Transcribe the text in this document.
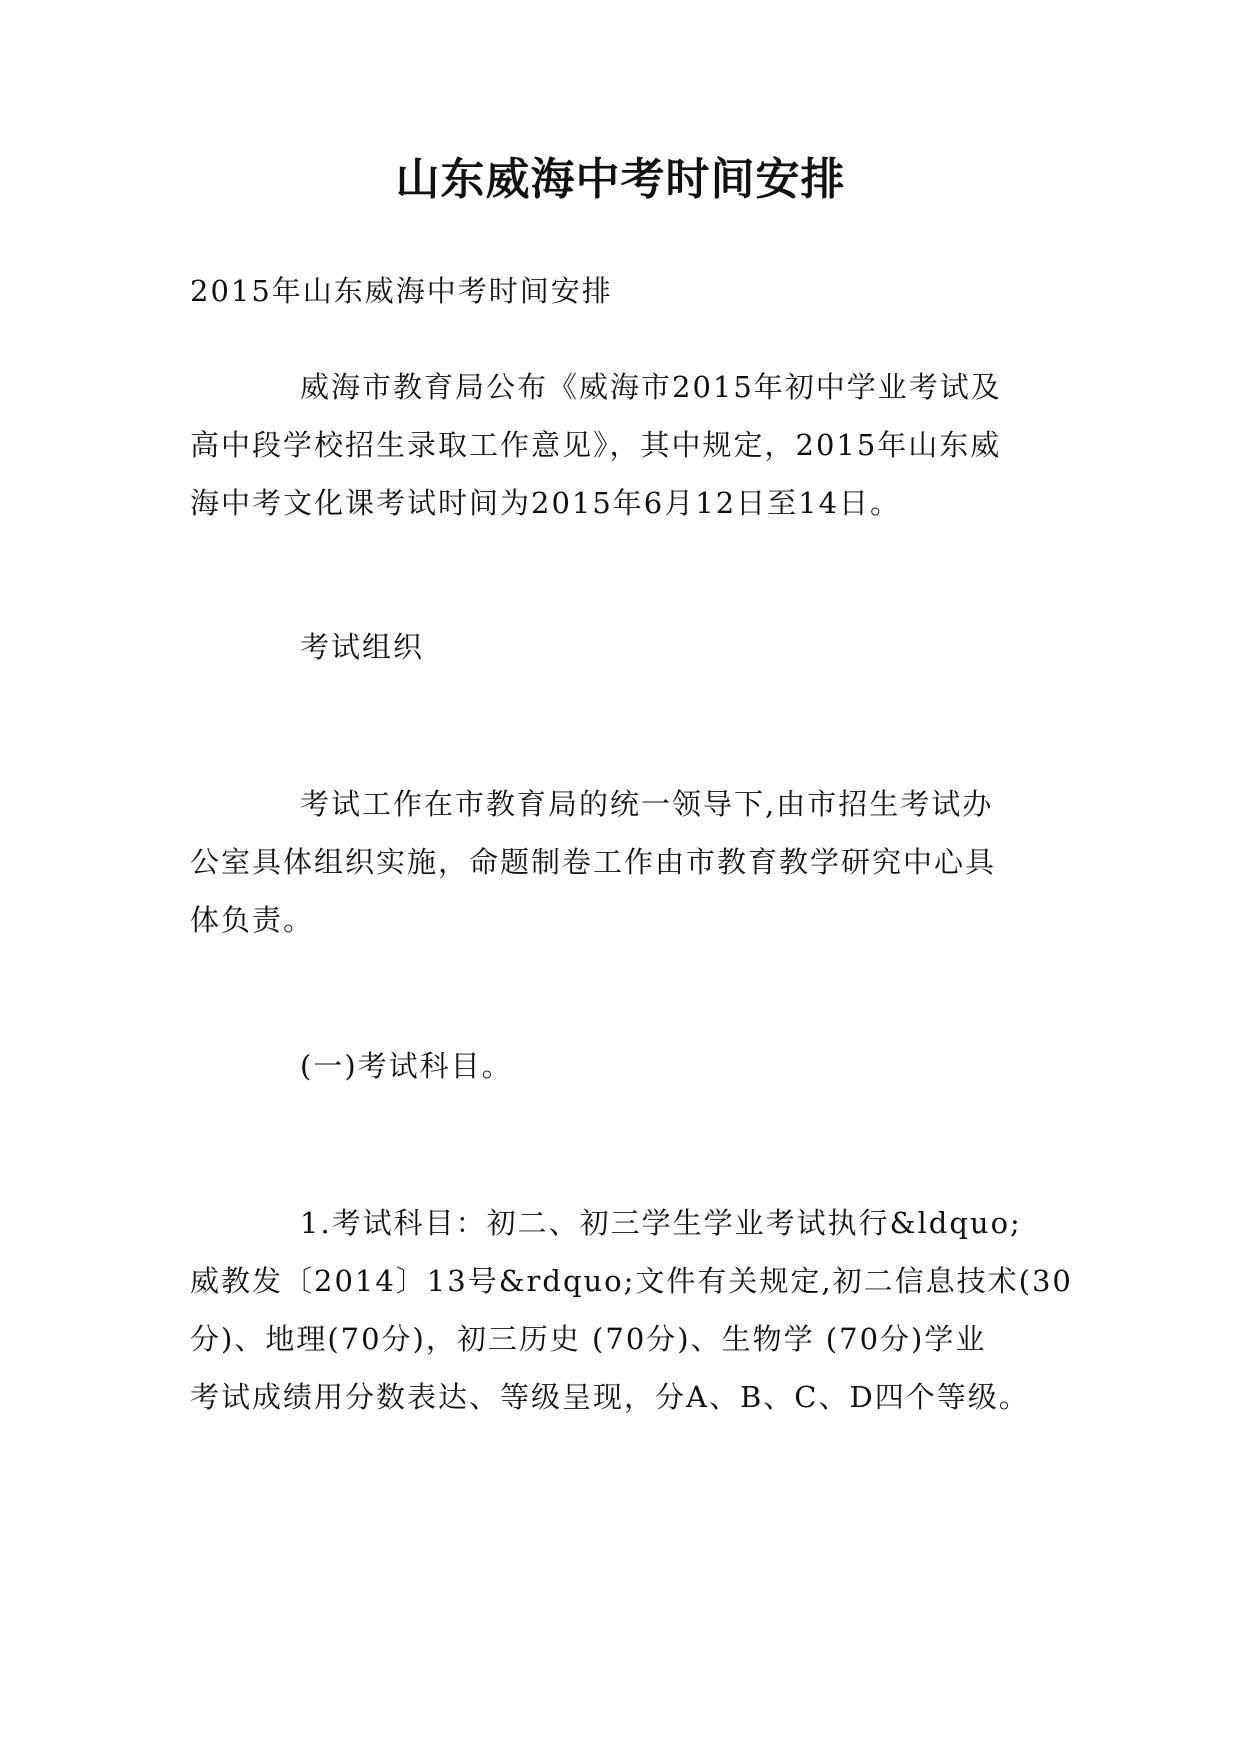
山东威海中考时间安排

2015年山东威海中考时间安排

威海市教育局公布《威海市2015年初中学业考试及
高中段学校招生录取工作意见》，其中规定，2015年山东威
海中考文化课考试时间为2015年6月12日至14日。

考试组织

考试工作在市教育局的统一领导下,由市招生考试办
公室具体组织实施，命题制卷工作由市教育教学研究中心具
体负责。

(一)考试科目。

1.考试科目：初二、初三学生学业考试执行&ldquo;
威教发〔2014〕13号&rdquo;文件有关规定,初二信息技术(30
分)、地理(70分)，初三历史 (70分)、生物学 (70分)学业
考试成绩用分数表达、等级呈现，分A、B、C、D四个等级。
